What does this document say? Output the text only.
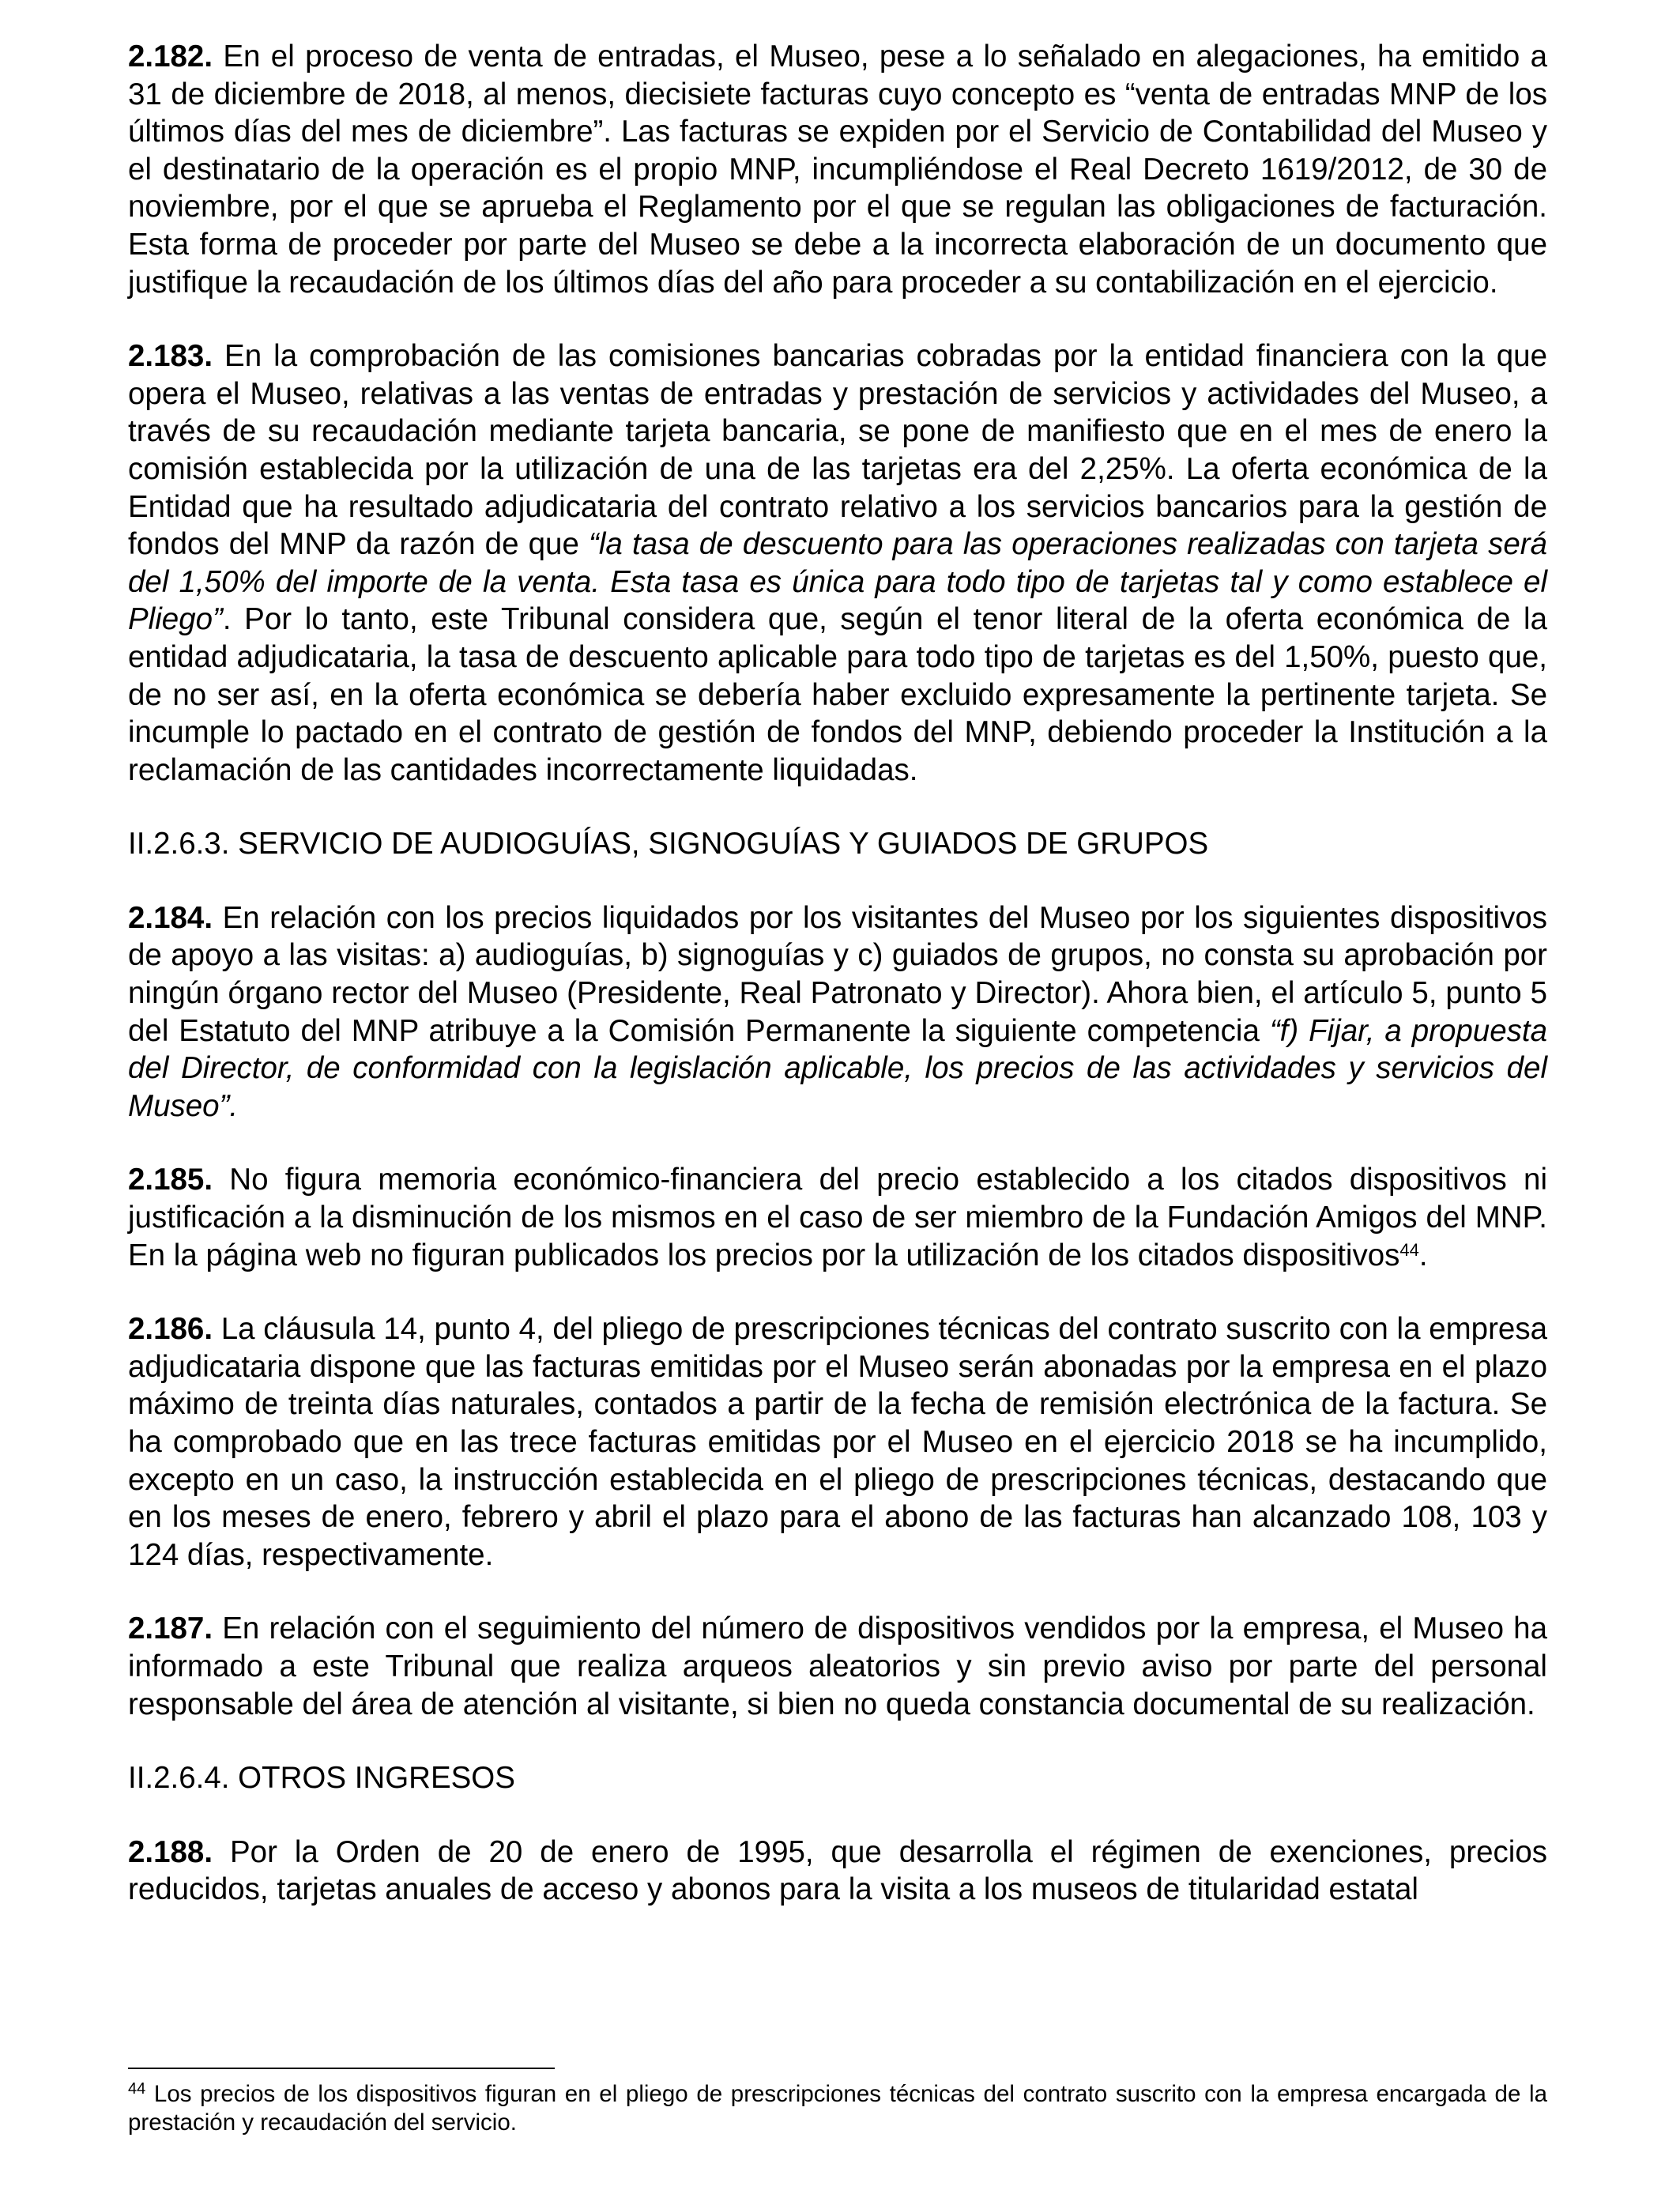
2.182. En el proceso de venta de entradas, el Museo, pese a lo señalado en alegaciones, ha emitido a 31 de diciembre de 2018, al menos, diecisiete facturas cuyo concepto es “venta de entradas MNP de los últimos días del mes de diciembre”. Las facturas se expiden por el Servicio de Contabilidad del Museo y el destinatario de la operación es el propio MNP, incumpliéndose el Real Decreto 1619/2012, de 30 de noviembre, por el que se aprueba el Reglamento por el que se regulan las obligaciones de facturación. Esta forma de proceder por parte del Museo se debe a la incorrecta elaboración de un documento que justifique la recaudación de los últimos días del año para proceder a su contabilización en el ejercicio.

2.183. En la comprobación de las comisiones bancarias cobradas por la entidad financiera con la que opera el Museo, relativas a las ventas de entradas y prestación de servicios y actividades del Museo, a través de su recaudación mediante tarjeta bancaria, se pone de manifiesto que en el mes de enero la comisión establecida por la utilización de una de las tarjetas era del 2,25%. La oferta económica de la Entidad que ha resultado adjudicataria del contrato relativo a los servicios bancarios para la gestión de fondos del MNP da razón de que “la tasa de descuento para las operaciones realizadas con tarjeta será del 1,50% del importe de la venta. Esta tasa es única para todo tipo de tarjetas tal y como establece el Pliego”. Por lo tanto, este Tribunal considera que, según el tenor literal de la oferta económica de la entidad adjudicataria, la tasa de descuento aplicable para todo tipo de tarjetas es del 1,50%, puesto que, de no ser así, en la oferta económica se debería haber excluido expresamente la pertinente tarjeta. Se incumple lo pactado en el contrato de gestión de fondos del MNP, debiendo proceder la Institución a la reclamación de las cantidades incorrectamente liquidadas.

II.2.6.3. SERVICIO DE AUDIOGUÍAS, SIGNOGUÍAS Y GUIADOS DE GRUPOS

2.184. En relación con los precios liquidados por los visitantes del Museo por los siguientes dispositivos de apoyo a las visitas: a) audioguías, b) signoguías y c) guiados de grupos, no consta su aprobación por ningún órgano rector del Museo (Presidente, Real Patronato y Director). Ahora bien, el artículo 5, punto 5 del Estatuto del MNP atribuye a la Comisión Permanente la siguiente competencia “f) Fijar, a propuesta del Director, de conformidad con la legislación aplicable, los precios de las actividades y servicios del Museo”.

2.185. No figura memoria económico-financiera del precio establecido a los citados dispositivos ni justificación a la disminución de los mismos en el caso de ser miembro de la Fundación Amigos del MNP. En la página web no figuran publicados los precios por la utilización de los citados dispositivos$^{44}$.

2.186. La cláusula 14, punto 4, del pliego de prescripciones técnicas del contrato suscrito con la empresa adjudicataria dispone que las facturas emitidas por el Museo serán abonadas por la empresa en el plazo máximo de treinta días naturales, contados a partir de la fecha de remisión electrónica de la factura. Se ha comprobado que en las trece facturas emitidas por el Museo en el ejercicio 2018 se ha incumplido, excepto en un caso, la instrucción establecida en el pliego de prescripciones técnicas, destacando que en los meses de enero, febrero y abril el plazo para el abono de las facturas han alcanzado 108, 103 y 124 días, respectivamente.

2.187. En relación con el seguimiento del número de dispositivos vendidos por la empresa, el Museo ha informado a este Tribunal que realiza arqueos aleatorios y sin previo aviso por parte del personal responsable del área de atención al visitante, si bien no queda constancia documental de su realización.

II.2.6.4. OTROS INGRESOS

2.188. Por la Orden de 20 de enero de 1995, que desarrolla el régimen de exenciones, precios reducidos, tarjetas anuales de acceso y abonos para la visita a los museos de titularidad estatal

$^{44}$ Los precios de los dispositivos figuran en el pliego de prescripciones técnicas del contrato suscrito con la empresa encargada de la prestación y recaudación del servicio.
